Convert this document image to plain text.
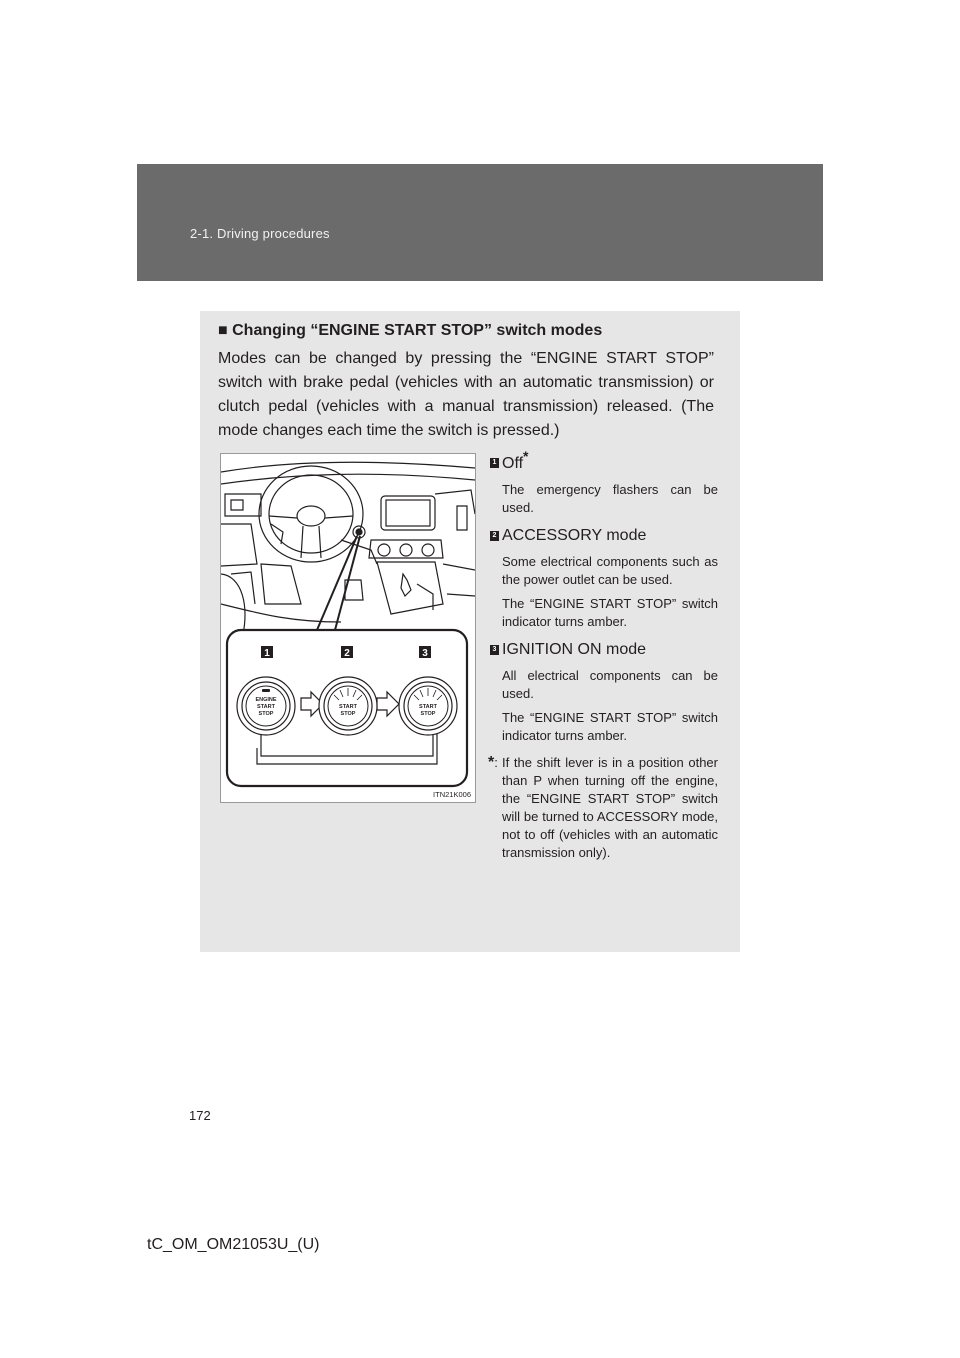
2-1. Driving procedures
■ Changing “ENGINE START STOP” switch modes
Modes can be changed by pressing the “ENGINE START STOP” switch with brake pedal (vehicles with an automatic transmission) or clutch pedal (vehicles with a manual transmission) released. (The mode changes each time the switch is pressed.)
1	2	3
ENGINE
START
STOP
START
STOP
START
STOP
ITN21K006
1 Off*
The emergency flashers can be used.
2 ACCESSORY mode
Some electrical components such as the power outlet can be used.
The “ENGINE START STOP” switch indicator turns amber.
3 IGNITION ON mode
All electrical components can be used.
The “ENGINE START STOP” switch indicator turns amber.
*: If the shift lever is in a position other than P when turning off the engine, the “ENGINE START STOP” switch will be turned to ACCESSORY mode, not to off (vehicles with an automatic transmission only).
172
tC_OM_OM21053U_(U)
